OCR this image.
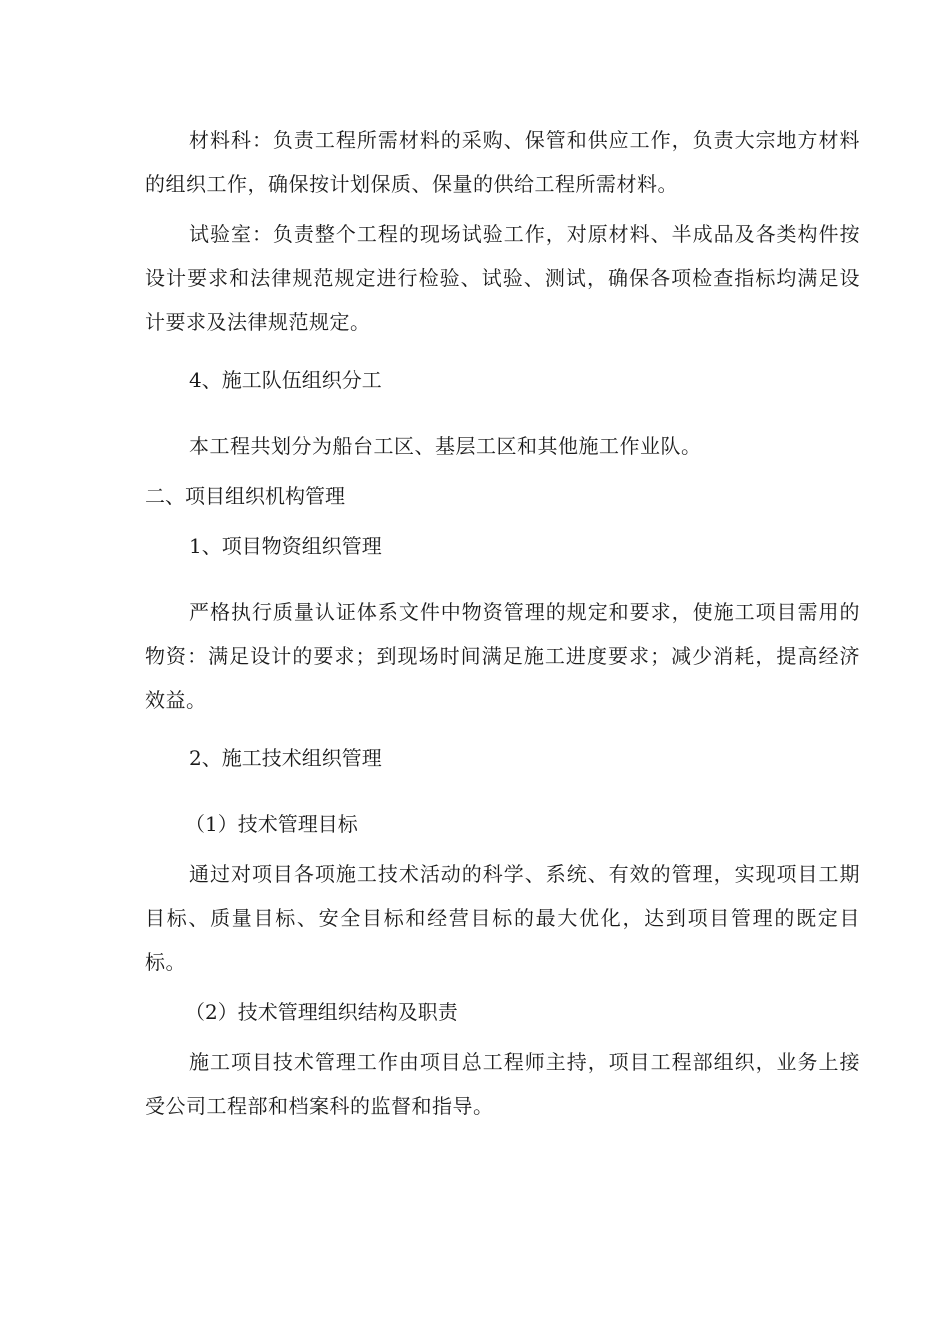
材料科：负责工程所需材料的采购、保管和供应工作，负责大宗地方材料的组织工作，确保按计划保质、保量的供给工程所需材料。

试验室：负责整个工程的现场试验工作，对原材料、半成品及各类构件按设计要求和法律规范规定进行检验、试验、测试，确保各项检查指标均满足设计要求及法律规范规定。

4、施工队伍组织分工

本工程共划分为船台工区、基层工区和其他施工作业队。

二、项目组织机构管理

1、项目物资组织管理

严格执行质量认证体系文件中物资管理的规定和要求，使施工项目需用的物资：满足设计的要求；到现场时间满足施工进度要求；减少消耗，提高经济效益。

2、施工技术组织管理

（1）技术管理目标

通过对项目各项施工技术活动的科学、系统、有效的管理，实现项目工期目标、质量目标、安全目标和经营目标的最大优化，达到项目管理的既定目标。

（2）技术管理组织结构及职责

施工项目技术管理工作由项目总工程师主持，项目工程部组织，业务上接受公司工程部和档案科的监督和指导。
